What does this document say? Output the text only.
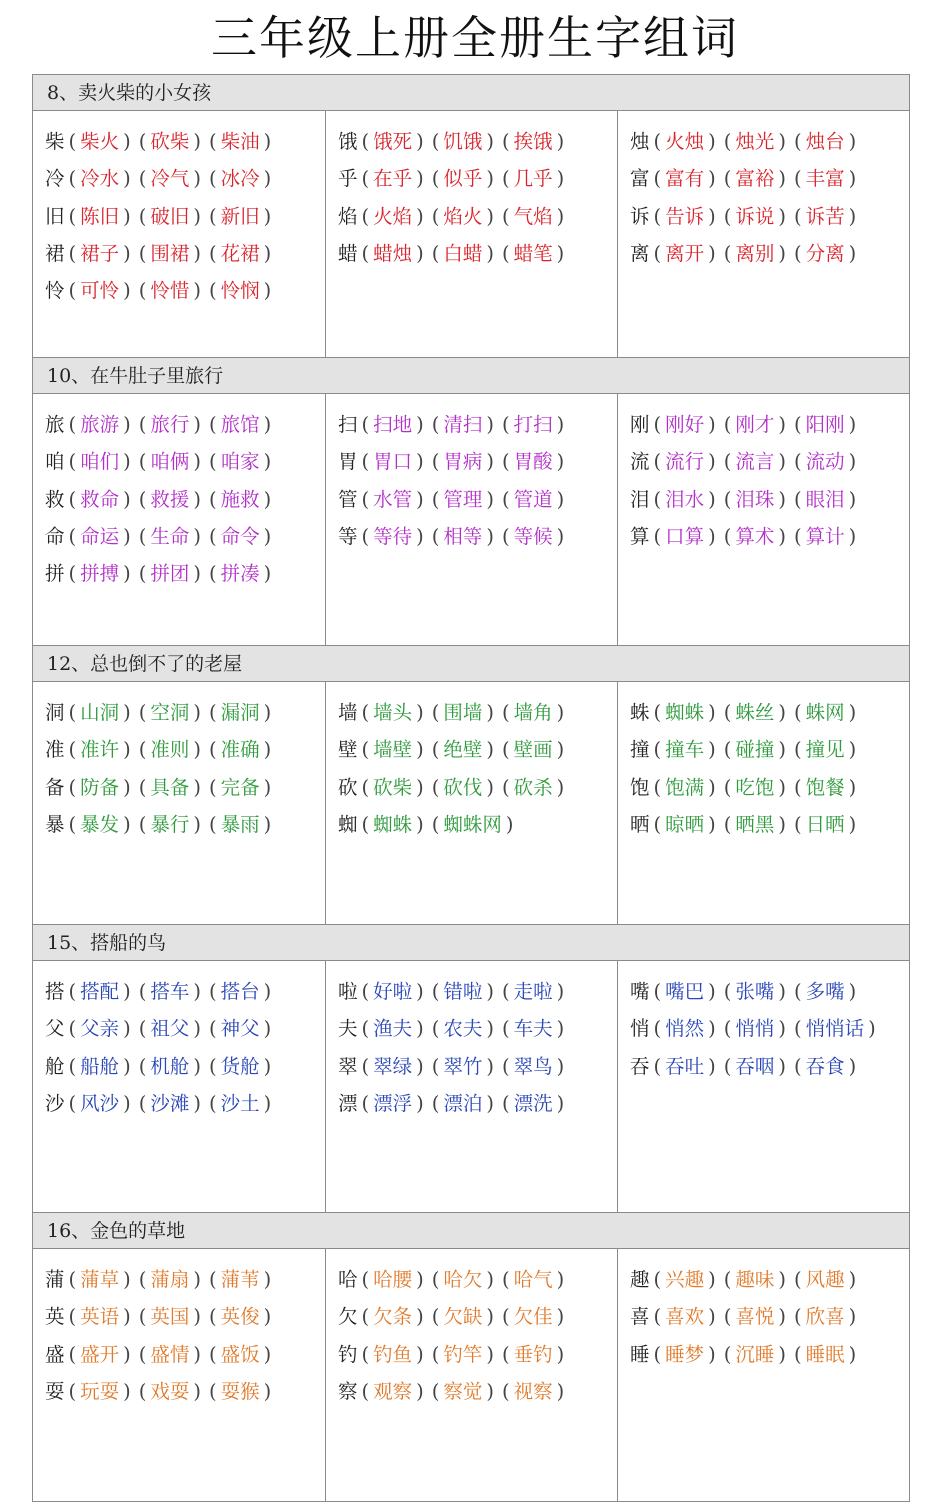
三年级上册全册生字组词
8、卖火柴的小女孩
柴 ( 柴火 ) ( 砍柴 ) ( 柴油 )
冷 ( 冷水 ) ( 冷气 ) ( 冰冷 )
旧 ( 陈旧 ) ( 破旧 ) ( 新旧 )
裙 ( 裙子 ) ( 围裙 ) ( 花裙 )
怜 ( 可怜 ) ( 怜惜 ) ( 怜悯 )
饿 ( 饿死 ) ( 饥饿 ) ( 挨饿 )
乎 ( 在乎 ) ( 似乎 ) ( 几乎 )
焰 ( 火焰 ) ( 焰火 ) ( 气焰 )
蜡 ( 蜡烛 ) ( 白蜡 ) ( 蜡笔 )
烛 ( 火烛 ) ( 烛光 ) ( 烛台 )
富 ( 富有 ) ( 富裕 ) ( 丰富 )
诉 ( 告诉 ) ( 诉说 ) ( 诉苦 )
离 ( 离开 ) ( 离别 ) ( 分离 )
10、在牛肚子里旅行
旅 ( 旅游 ) ( 旅行 ) ( 旅馆 )
咱 ( 咱们 ) ( 咱俩 ) ( 咱家 )
救 ( 救命 ) ( 救援 ) ( 施救 )
命 ( 命运 ) ( 生命 ) ( 命令 )
拼 ( 拼搏 ) ( 拼团 ) ( 拼凑 )
扫 ( 扫地 ) ( 清扫 ) ( 打扫 )
胃 ( 胃口 ) ( 胃病 ) ( 胃酸 )
管 ( 水管 ) ( 管理 ) ( 管道 )
等 ( 等待 ) ( 相等 ) ( 等候 )
刚 ( 刚好 ) ( 刚才 ) ( 阳刚 )
流 ( 流行 ) ( 流言 ) ( 流动 )
泪 ( 泪水 ) ( 泪珠 ) ( 眼泪 )
算 ( 口算 ) ( 算术 ) ( 算计 )
12、总也倒不了的老屋
洞 ( 山洞 ) ( 空洞 ) ( 漏洞 )
准 ( 准许 ) ( 准则 ) ( 准确 )
备 ( 防备 ) ( 具备 ) ( 完备 )
暴 ( 暴发 ) ( 暴行 ) ( 暴雨 )
墙 ( 墙头 ) ( 围墙 ) ( 墙角 )
壁 ( 墙壁 ) ( 绝壁 ) ( 壁画 )
砍 ( 砍柴 ) ( 砍伐 ) ( 砍杀 )
蜘 ( 蜘蛛 ) ( 蜘蛛网 )
蛛 ( 蜘蛛 ) ( 蛛丝 ) ( 蛛网 )
撞 ( 撞车 ) ( 碰撞 ) ( 撞见 )
饱 ( 饱满 ) ( 吃饱 ) ( 饱餐 )
晒 ( 晾晒 ) ( 晒黑 ) ( 日晒 )
15、搭船的鸟
搭 ( 搭配 ) ( 搭车 ) ( 搭台 )
父 ( 父亲 ) ( 祖父 ) ( 神父 )
舱 ( 船舱 ) ( 机舱 ) ( 货舱 )
沙 ( 风沙 ) ( 沙滩 ) ( 沙土 )
啦 ( 好啦 ) ( 错啦 ) ( 走啦 )
夫 ( 渔夫 ) ( 农夫 ) ( 车夫 )
翠 ( 翠绿 ) ( 翠竹 ) ( 翠鸟 )
漂 ( 漂浮 ) ( 漂泊 ) ( 漂洗 )
嘴 ( 嘴巴 ) ( 张嘴 ) ( 多嘴 )
悄 ( 悄然 ) ( 悄悄 ) ( 悄悄话 )
吞 ( 吞吐 ) ( 吞咽 ) ( 吞食 )
16、金色的草地
蒲 ( 蒲草 ) ( 蒲扇 ) ( 蒲苇 )
英 ( 英语 ) ( 英国 ) ( 英俊 )
盛 ( 盛开 ) ( 盛情 ) ( 盛饭 )
耍 ( 玩耍 ) ( 戏耍 ) ( 耍猴 )
哈 ( 哈腰 ) ( 哈欠 ) ( 哈气 )
欠 ( 欠条 ) ( 欠缺 ) ( 欠佳 )
钓 ( 钓鱼 ) ( 钓竿 ) ( 垂钓 )
察 ( 观察 ) ( 察觉 ) ( 视察 )
趣 ( 兴趣 ) ( 趣味 ) ( 风趣 )
喜 ( 喜欢 ) ( 喜悦 ) ( 欣喜 )
睡 ( 睡梦 ) ( 沉睡 ) ( 睡眠 )
